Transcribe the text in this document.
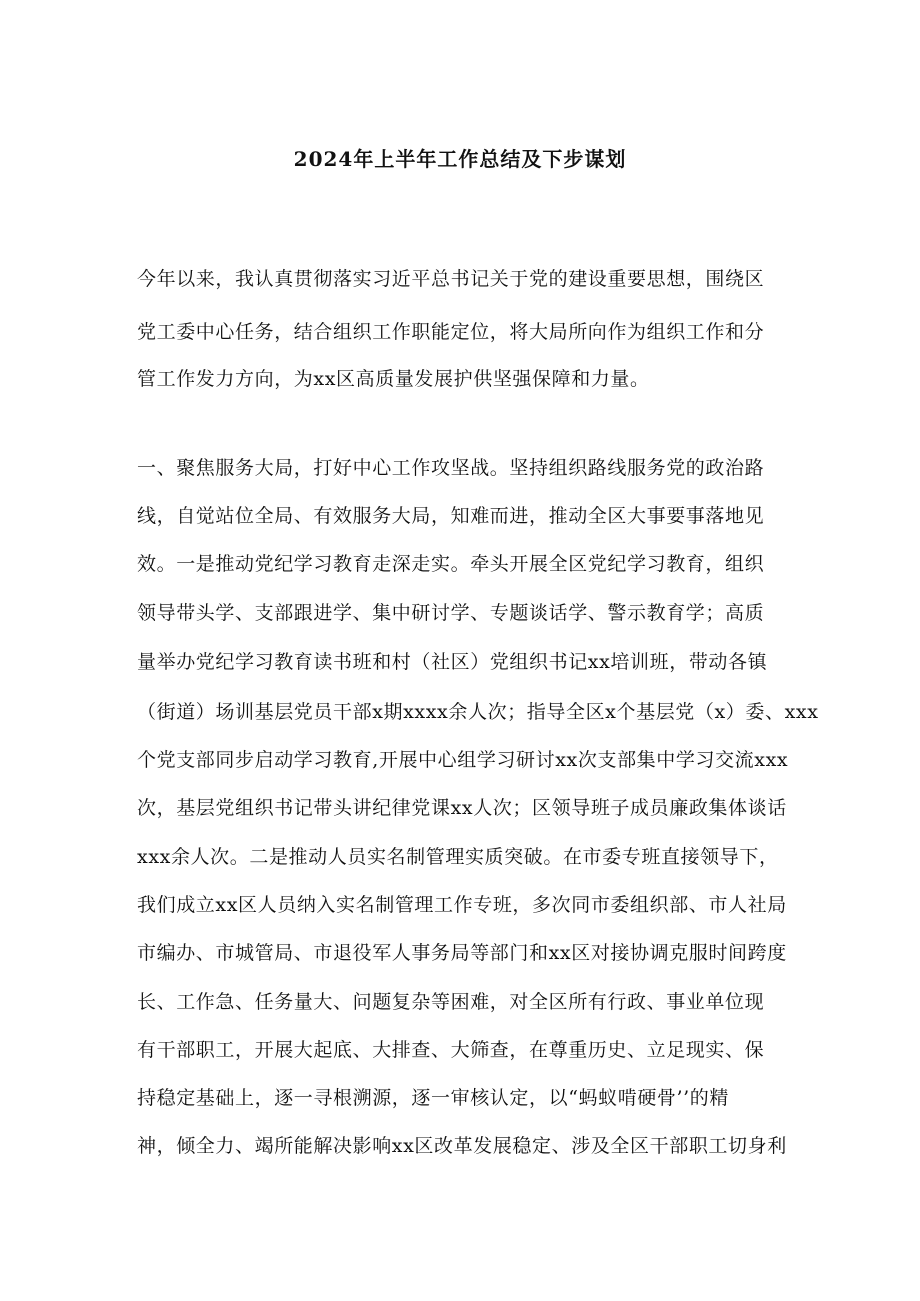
2024年上半年工作总结及下步谋划
今年以来，我认真贯彻落实习近平总书记关于党的建设重要思想，围绕区
党工委中心任务，结合组织工作职能定位，将大局所向作为组织工作和分
管工作发力方向，为xx区高质量发展护供坚强保障和力量。
一、聚焦服务大局，打好中心工作攻坚战。坚持组织路线服务党的政治路
线，自觉站位全局、有效服务大局，知难而进，推动全区大事要事落地见
效。一是推动党纪学习教育走深走实。牵头开展全区党纪学习教育，组织
领导带头学、支部跟进学、集中研讨学、专题谈话学、警示教育学；高质
量举办党纪学习教育读书班和村（社区）党组织书记xx培训班，带动各镇
（街道）场训基层党员干部x期xxxx余人次；指导全区x个基层党（x）委、xxx
个党支部同步启动学习教育,开展中心组学习研讨xx次支部集中学习交流xxx
次，基层党组织书记带头讲纪律党课xx人次；区领导班子成员廉政集体谈话
xxx余人次。二是推动人员实名制管理实质突破。在市委专班直接领导下，
我们成立xx区人员纳入实名制管理工作专班，多次同市委组织部、市人社局
市编办、市城管局、市退役军人事务局等部门和xx区对接协调克服时间跨度
长、工作急、任务量大、问题复杂等困难，对全区所有行政、事业单位现
有干部职工，开展大起底、大排查、大筛查，在尊重历史、立足现实、保
持稳定基础上，逐一寻根溯源，逐一审核认定，以“蚂蚁啃硬骨’’的精
神，倾全力、竭所能解决影响xx区改革发展稳定、涉及全区干部职工切身利
